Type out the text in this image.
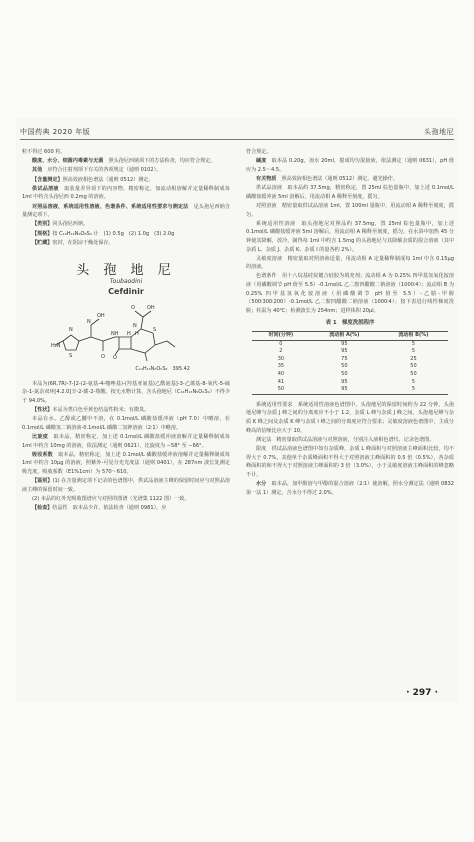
中国药典 2020 年版	头孢地尼

粒不得过 600 粒。

酸度、水分、细菌内毒素与无菌　 照头孢尼西钠项下的方法检查，均应符合规定。

其他　 应符合注射剂项下有关的各项规定（通则 0102）。

【含量测定】照高效液相色谱法（通则 0512）测定。

供试品溶液　 取装量差异项下的内容物，精密称定，加流动相溶解并定量稀释制成每 1ml 中约含头孢尼西 0.2mg 的溶液。

对照品溶液、系统适用性溶液、色谱条件、系统适用性要求与测定法　 见头孢尼西钠含量测定项下。

【类别】同头孢尼西钠。

【规格】按 C₁₈H₁₈N₆O₈S₃ 计　(1) 0.5g　(2) 1.0g　(3) 2.0g

【贮藏】密封，在阴凉干燥处保存。

头 孢 地 尼
Toubaodini
Cefdinir
H₂N
N
S
N
OH
O
NH
N
S
O
O OH
H H
C₁₄H₁₃N₅O₅S₂　395.42

本品为(6R,7R)-7-[2-(2-氨基-4-噻唑基)-(羟基亚氨基)乙酰氨基]-3-乙烯基-8-氧代-5-硫杂-1-氮杂双环[4.2.0]辛-2-烯-2-羧酸。按无水物计算，含头孢地尼（C₁₄H₁₃N₅O₅S₂）不得少于 94.0%。

【性状】本品为类白色至黄色结晶性粉末；有微臭。

本品在水、乙醇或乙醚中不溶，在 0.1mol/L 磷酸盐缓冲液（pH 7.0）中略溶，在 0.1mol/L 磷酸氢二钠溶液-0.1mol/L 磷酸二氢钾溶液（2∶1）中略溶。

比旋度　 取本品，精密称定，加上述 0.1mol/L 磷酸盐缓冲液溶解并定量稀释制成每 1ml 中约含 10mg 的溶液，依法测定（通则 0621），比旋度为 −58° 至 −66°。

吸收系数　 取本品，精密称定，加上述 0.1mol/L 磷酸盐缓冲液溶解并定量稀释制成每 1ml 中约含 10μg 的溶液，照紫外-可见分光光度法（通则 0401），在 287nm 波长处测定吸光度，吸收系数（E1%1cm）为 570～610。

【鉴别】(1) 在含量测定项下记录的色谱图中，供试品溶液主峰的保留时间应与对照品溶液主峰的保留时间一致。

(2) 本品的红外光吸收图谱应与对照的图谱（光谱集 1122 图）一致。

【检查】结晶性　取本品少许，依法检查（通则 0981），应

符合规定。

碱度　 取本品 0.20g，加水 20ml，搅成均匀混悬液，依法测定（通则 0631），pH 值应为 2.5～4.5。

有关物质　 照高效液相色谱法（通则 0512）测定。避光操作。

供试品溶液　 取本品约 37.5mg，精密称定，置 25ml 棕色量瓶中，加上述 0.1mol/L 磷酸盐缓冲液 5ml 溶解后，用流动相 A 稀释至刻度，摇匀。

对照溶液　 精密量取供试品溶液 1ml，置 100ml 量瓶中，用流动相 A 稀释至刻度，摇匀。

系统适用性溶液　 取头孢地尼对照品约 37.5mg，置 25ml 棕色量瓶中，加上述 0.1mol/L 磷酸盐缓冲液 5ml 溶解后，用流动相 A 稀释至刻度，摇匀，在水浴中加热 45 分钟使其降解，放冷，制得每 1ml 中约含 1.5mg 的头孢地尼与其降解杂质的混合溶液（其中杂质 L、杂质 J、杂质 K、杂质 I 的量各约 2%）。

灵敏度溶液　 精密量取对照溶液适量，用流动相 A 定量稀释制成每 1ml 中含 0.15μg 的溶液。

色谱条件　 用十八烷基硅烷键合硅胶为填充剂；流动相 A 为 0.25% 四甲基氢氧化铵溶液（用磷酸调节 pH 值至 5.5）-0.1mol/L 乙二胺四醋酸二钠溶液（1000∶4）；流动相 B 为 0.25% 四甲基氢氧化铵溶液（用磷酸调节 pH 值至 5.5）-乙腈-甲醇（500∶300∶200）-0.1mol/L 乙二胺四醋酸二钠溶液（1000∶4）；按下表进行线性梯度洗脱；柱温为 40℃；检测波长为 254nm；进样体积 20μl。

表 1　梯度洗脱程序
时间(分钟)	流动相 A(%)	流动相 B(%)
0	95	5
2	95	5
30	75	25
35	50	50
40	50	50
41	95	5
50	95	5

系统适用性要求　 系统适用性溶液色谱图中，头孢地尼的保留时间约为 22 分钟，头孢地尼峰与杂质 J 峰之间的分离度应不小于 1.2，杂质 L 峰与杂质 J 峰之间、头孢地尼峰与杂质 K 峰之间及杂质 K 峰与杂质 I 峰之间的分离度应符合要求；灵敏度溶液色谱图中，主成分峰高的信噪比应大于 10。

测定法　 精密量取供试品溶液与对照溶液，分别注入液相色谱仪，记录色谱图。

限度　 供试品溶液色谱图中如有杂质峰，杂质 L 峰面积与对照溶液主峰面积比较，均不得大于 0.7%，其他单个杂质峰面积不得大于对照溶液主峰面积的 0.5 倍（0.5%），各杂质峰面积的和不得大于对照溶液主峰面积的 3 倍（3.0%），小于灵敏度溶液主峰面积的峰忽略不计。

水分　 取本品，加甲醇溶与甲醇的混合溶液（2∶1）使溶解，照水分测定法（通则 0832 第一法 1）测定，含水分不得过 2.0%。

· 297 ·
